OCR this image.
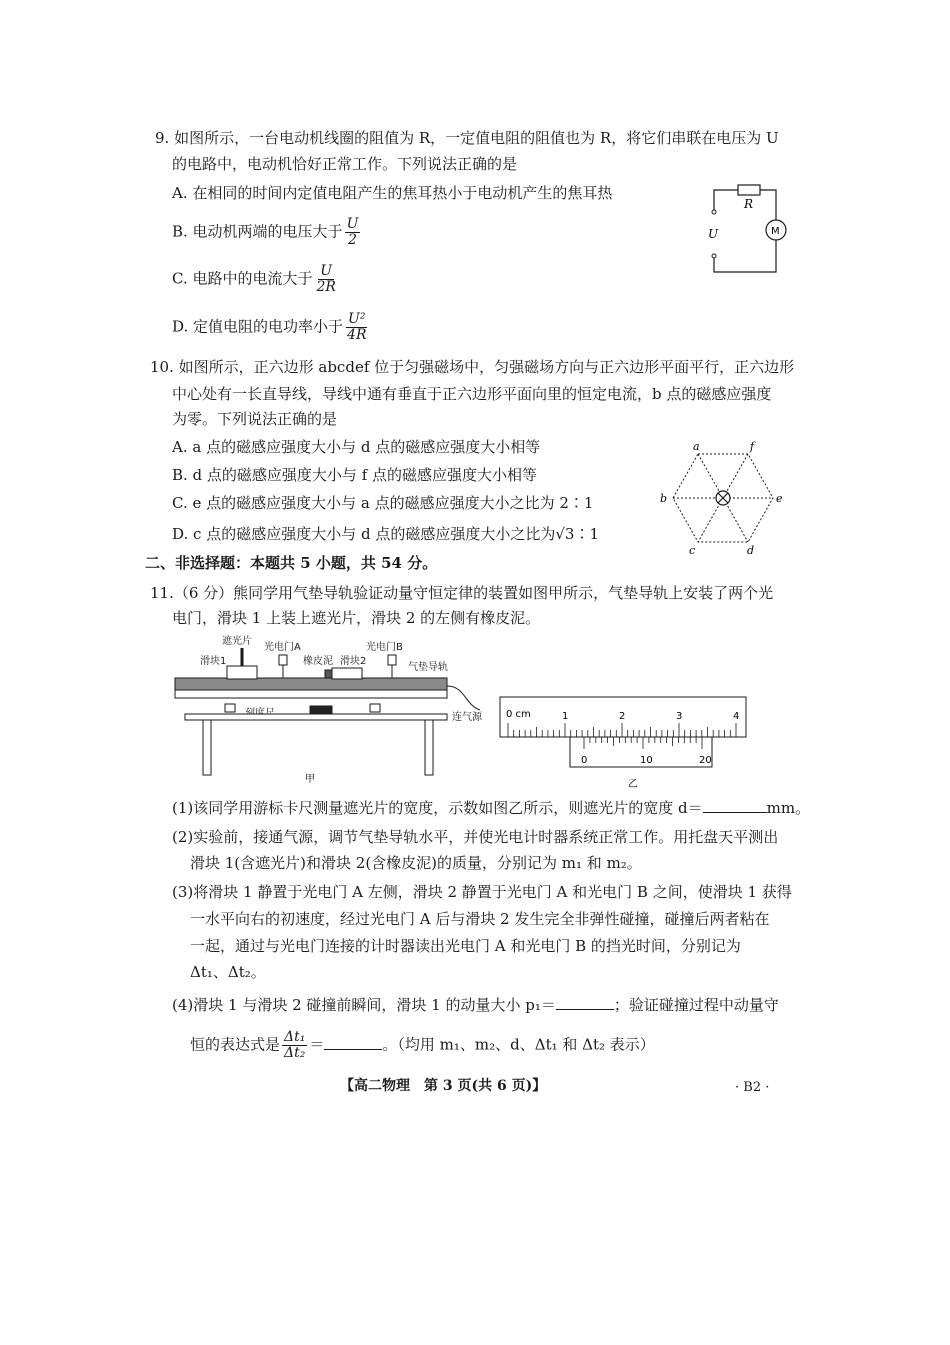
9. 如图所示，一台电动机线圈的阻值为 R，一定值电阻的阻值也为 R，将它们串联在电压为 U
的电路中，电动机恰好正常工作。下列说法正确的是
A. 在相同的时间内定值电阻产生的焦耳热小于电动机产生的焦耳热
B. 电动机两端的电压大于 $\frac{U}{2}$
C. 电路中的电流大于 $\frac{U}{2R}$
D. 定值电阻的电功率小于 $\frac{\text{U²}}{4R}$
R
U	M
10. 如图所示，正六边形 abcdef 位于匀强磁场中，匀强磁场方向与正六边形平面平行，正六边形
中心处有一长直导线，导线中通有垂直于正六边形平面向里的恒定电流，b 点的磁感应强度
为零。下列说法正确的是
A. a 点的磁感应强度大小与 d 点的磁感应强度大小相等
B. d 点的磁感应强度大小与 f 点的磁感应强度大小相等
C. e 点的磁感应强度大小与 a 点的磁感应强度大小之比为 2∶1
D. c 点的磁感应强度大小与 d 点的磁感应强度大小之比为√3∶1
a	f
b	e
c	d
二、非选择题：本题共 5 小题，共 54 分。
11.（6 分）熊同学用气垫导轨验证动量守恒定律的装置如图甲所示，气垫导轨上安装了两个光
电门，滑块 1 上装上遮光片，滑块 2 的左侧有橡皮泥。
遮光片
光电门A	光电门B
滑块1	橡皮泥 滑块2
气垫导轨
连气源
甲
0 cm	1	2	3	4
0	10	20
乙
(1)该同学用游标卡尺测量遮光片的宽度，示数如图乙所示，则遮光片的宽度 d＝	mm。
(2)实验前，接通气源，调节气垫导轨水平，并使光电计时器系统正常工作。用托盘天平测出
滑块 1(含遮光片)和滑块 2(含橡皮泥)的质量，分别记为 m₁ 和 m₂。
(3)将滑块 1 静置于光电门 A 左侧，滑块 2 静置于光电门 A 和光电门 B 之间，使滑块 1 获得
一水平向右的初速度，经过光电门 A 后与滑块 2 发生完全非弹性碰撞，碰撞后两者粘在
一起，通过与光电门连接的计时器读出光电门 A 和光电门 B 的挡光时间，分别记为
Δt₁、Δt₂。
(4)滑块 1 与滑块 2 碰撞前瞬间，滑块 1 的动量大小 p₁＝	；验证碰撞过程中动量守
恒的表达式是 $\frac{\text{Δt₁}}{\text{Δt₂}}$ ＝	。（均用 m₁、m₂、d、Δt₁ 和 Δt₂ 表示）
【高二物理　第 3 页(共 6 页)】	· B2 ·
